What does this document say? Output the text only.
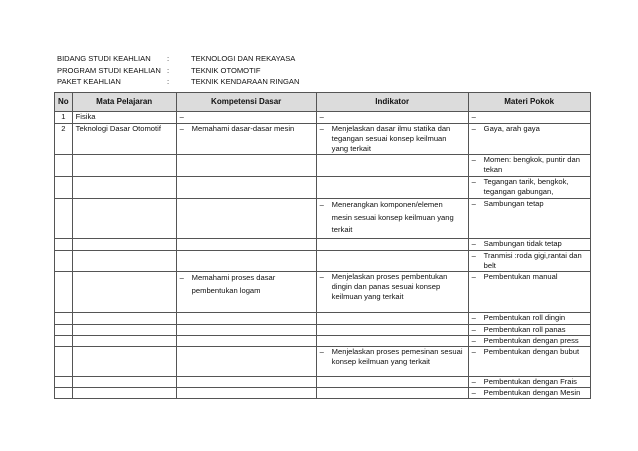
BIDANG STUDI KEAHLIAN	:	TEKNOLOGI DAN REKAYASA
PROGRAM STUDI KEAHLIAN :	TEKNIK OTOMOTIF
PAKET KEAHLIAN	:	TEKNIK KENDARAAN RINGAN
No	Mata Pelajaran	Kompetensi Dasar	Indikator	Materi Pokok
1	Fisika	–	–	–
2	Teknologi Dasar Otomotif	– Memahami dasar-dasar mesin	– Menjelaskan dasar ilmu statika dan tegangan sesuai konsep keilmuan yang terkait	– Gaya, arah gaya

				– Momen: bengkok, puntir dan tekan

				– Tegangan tarik, bengkok, tegangan gabungan,

			– Menerangkan komponen/elemen mesin sesuai konsep keilmuan yang terkait	– Sambungan tetap

				– Sambungan tidak tetap

				– Tranmisi :roda gigi,rantai dan belt

		– Memahami proses dasar pembentukan logam	– Menjelaskan proses pembentukan dingin dan panas sesuai konsep keilmuan yang terkait	– Pembentukan manual

				– Pembentukan roll dingin

				– Pembentukan roll panas

				– Pembentukan dengan press

			– Menjelaskan proses pemesinan sesuai konsep keilmuan yang terkait	– Pembentukan dengan bubut

				– Pembentukan dengan Frais

				– Pembentukan dengan Mesin
